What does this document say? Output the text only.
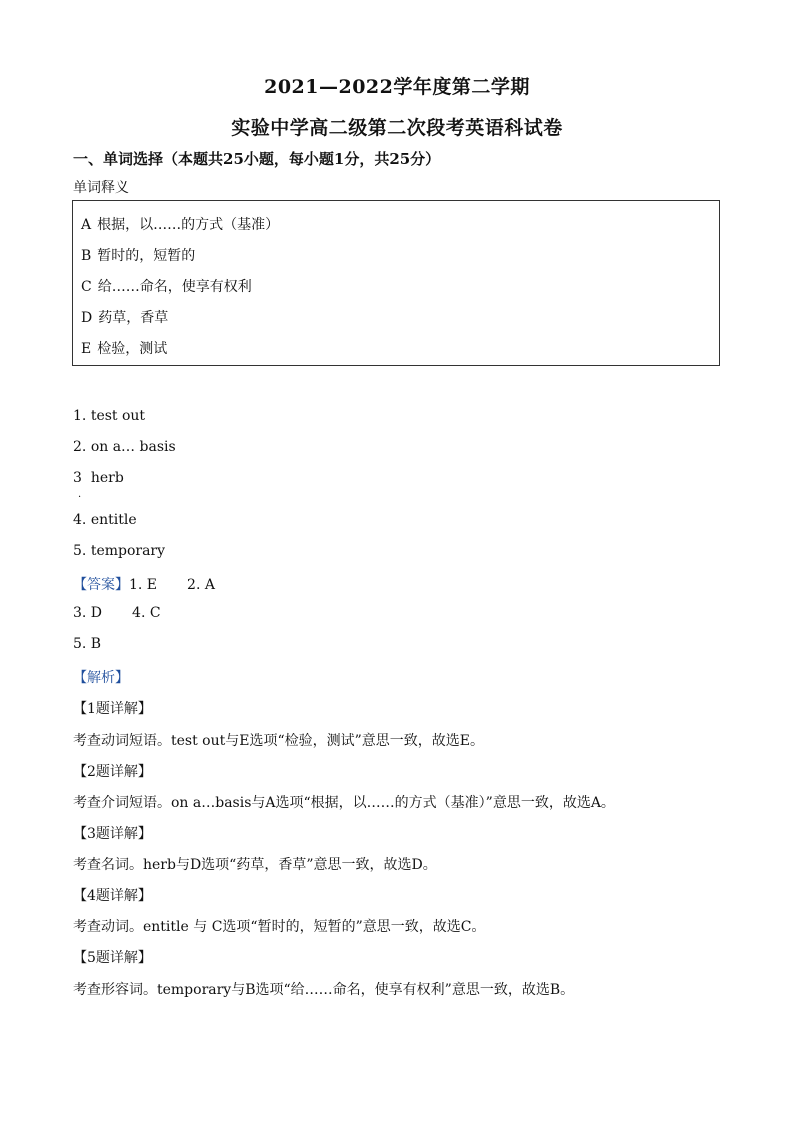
2021—2022学年度第二学期
实验中学高二级第二次段考英语科试卷
一、单词选择（本题共25小题，每小题1分，共25分）
单词释义
A 根据，以……的方式（基准）
B 暂时的，短暂的
C 给……命名，使享有权利
D 药草，香草
E 检验，测试
1. test out
2. on a… basis
3 herb
·
4. entitle
5. temporary
【答案】1. E 2. A
3. D 4. C
5. B
【解析】
【1题详解】
考查动词短语。test out与E选项“检验，测试”意思一致，故选E。
【2题详解】
考查介词短语。on a…basis与A选项“根据，以……的方式（基准）”意思一致，故选A。
【3题详解】
考查名词。herb与D选项“药草，香草”意思一致，故选D。
【4题详解】
考查动词。entitle 与 C选项“暂时的，短暂的”意思一致，故选C。
【5题详解】
考查形容词。temporary与B选项“给……命名，使享有权利”意思一致，故选B。
